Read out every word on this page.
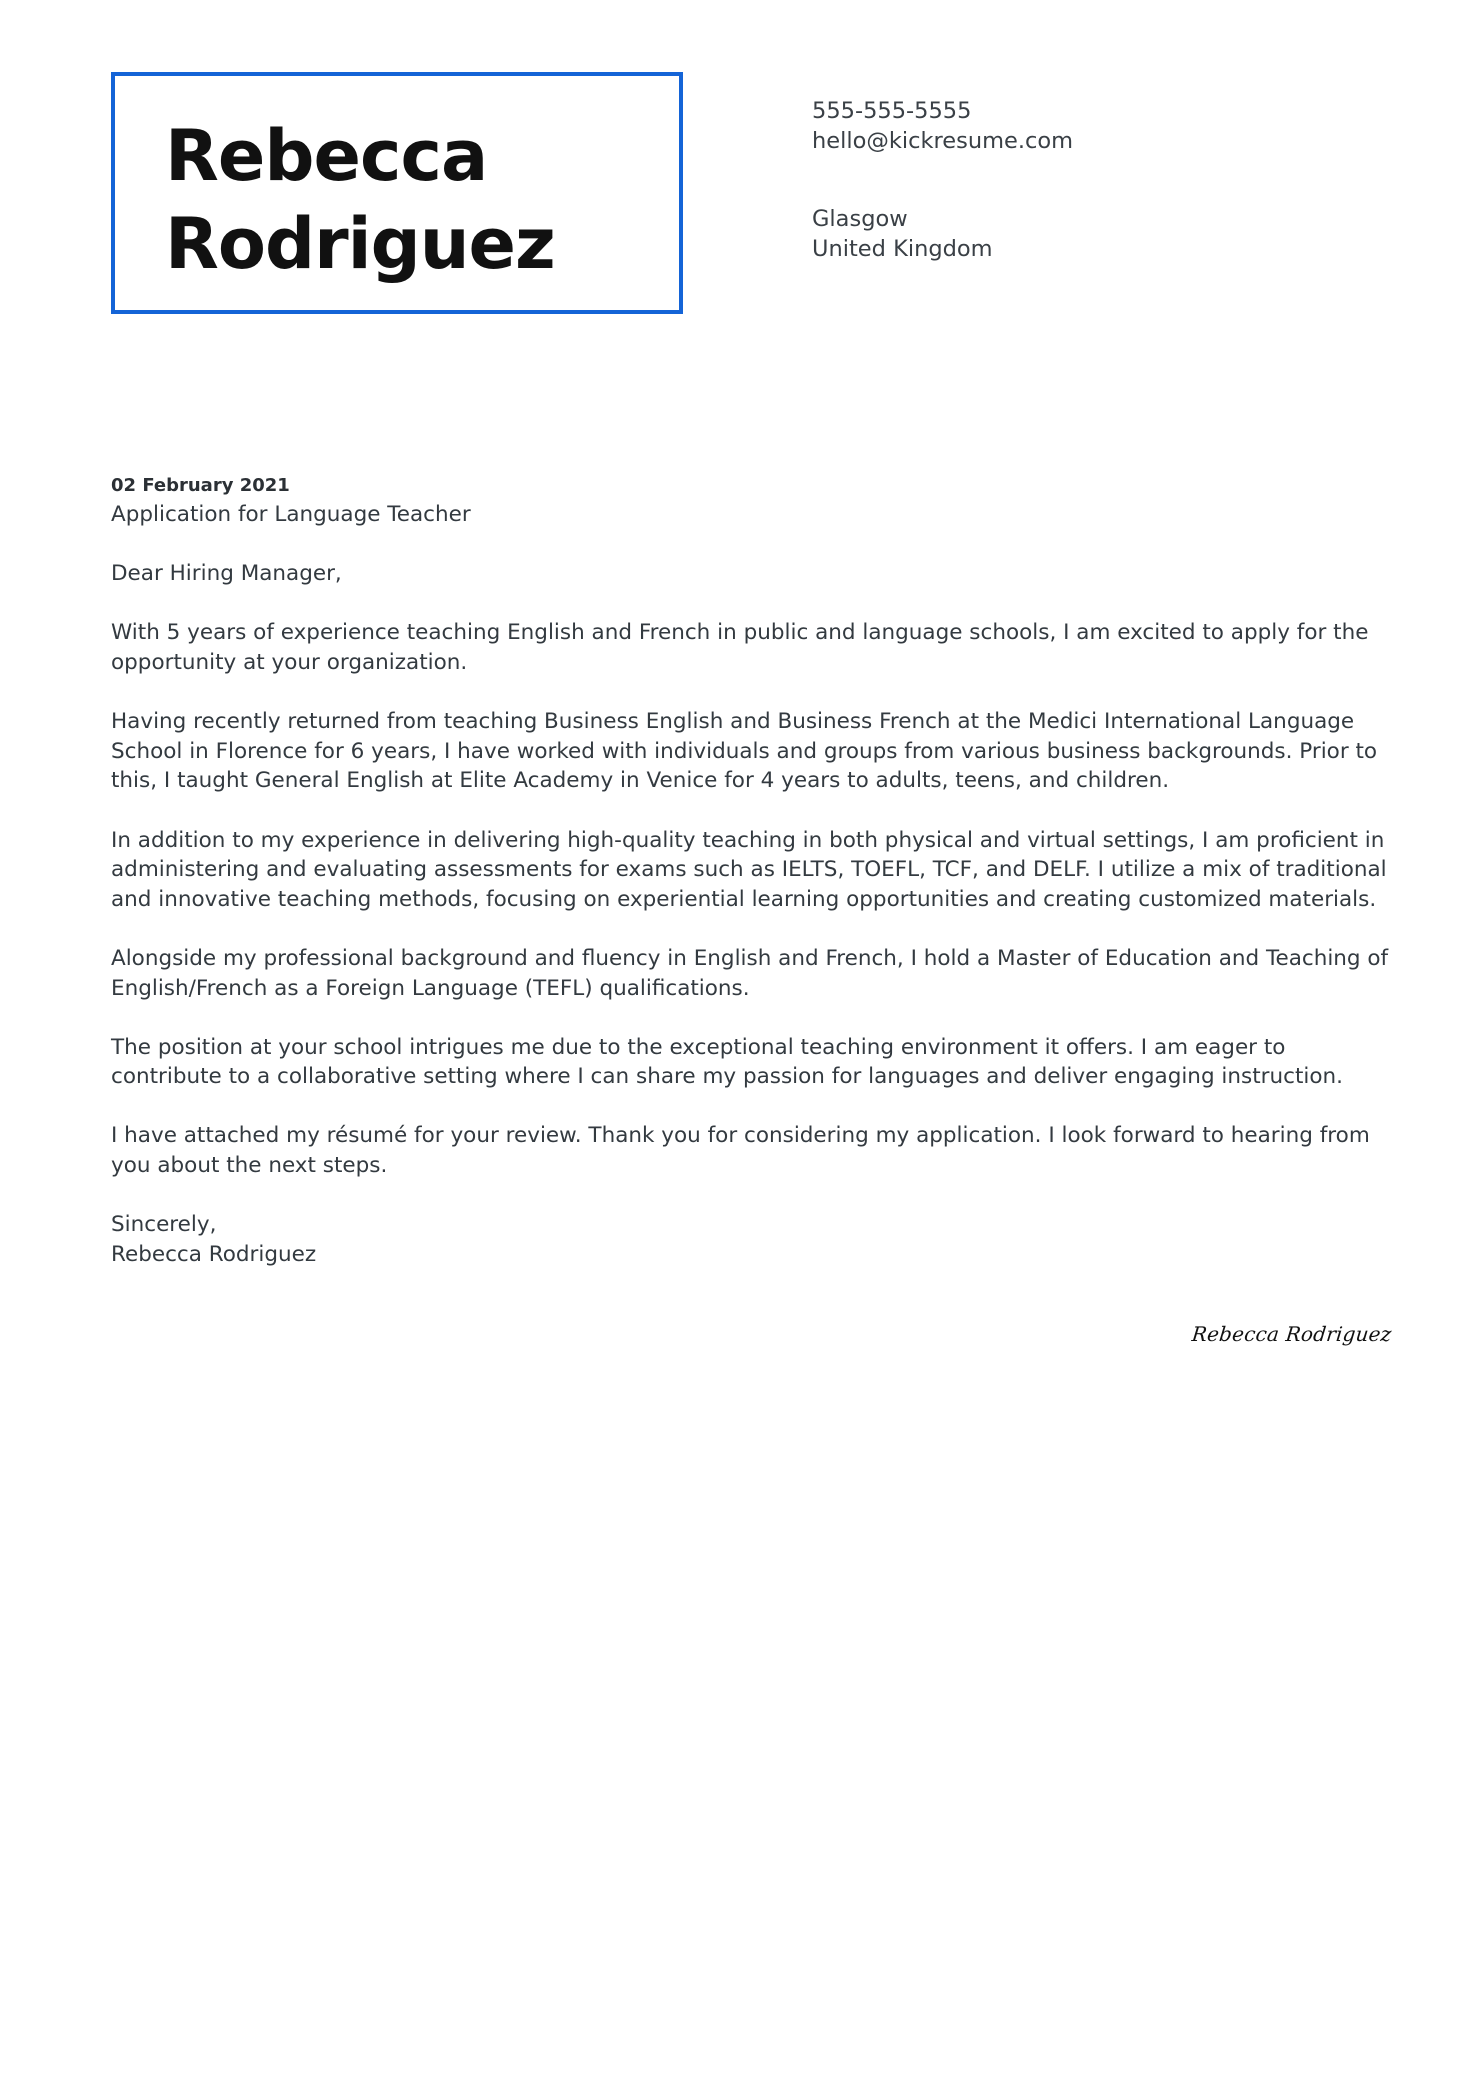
Rebecca
Rodriguez
555-555-5555
hello@kickresume.com
Glasgow
United Kingdom

02 February 2021

Application for Language Teacher

Dear Hiring Manager,

With 5 years of experience teaching English and French in public and language schools, I am excited to apply for the opportunity at your organization.

Having recently returned from teaching Business English and Business French at the Medici International Language School in Florence for 6 years, I have worked with individuals and groups from various business backgrounds. Prior to this, I taught General English at Elite Academy in Venice for 4 years to adults, teens, and children.

In addition to my experience in delivering high-quality teaching in both physical and virtual settings, I am proficient in administering and evaluating assessments for exams such as IELTS, TOEFL, TCF, and DELF. I utilize a mix of traditional and innovative teaching methods, focusing on experiential learning opportunities and creating customized materials.

Alongside my professional background and fluency in English and French, I hold a Master of Education and Teaching of English/French as a Foreign Language (TEFL) qualifications.

The position at your school intrigues me due to the exceptional teaching environment it offers. I am eager to contribute to a collaborative setting where I can share my passion for languages and deliver engaging instruction.

I have attached my résumé for your review. Thank you for considering my application. I look forward to hearing from you about the next steps.

Sincerely,
Rebecca Rodriguez
Rebecca Rodriguez
